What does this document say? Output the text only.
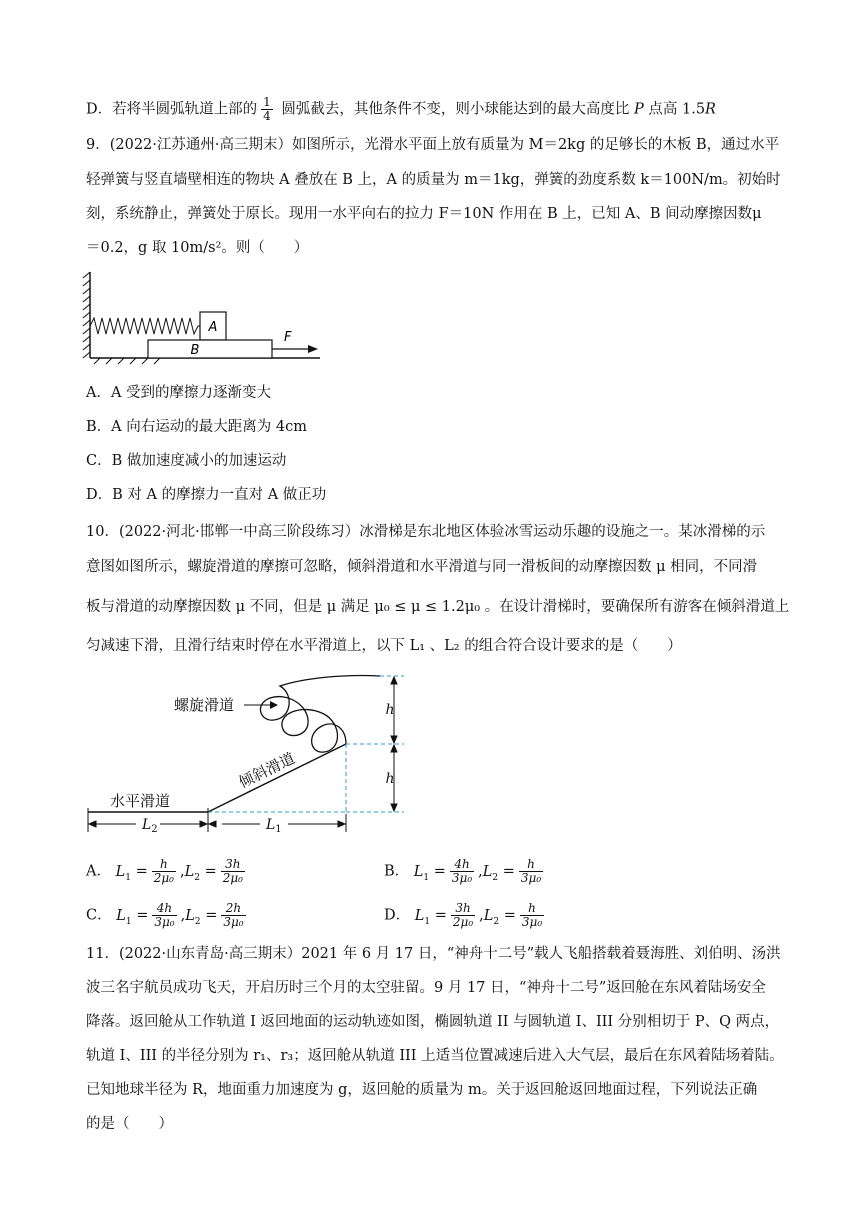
D．若将半圆弧轨道上部的 $\frac{1}{4}$ 圆弧截去，其他条件不变，则小球能达到的最大高度比 P 点高 1.5R
9．(2022·江苏通州·高三期末）如图所示，光滑水平面上放有质量为 M＝2kg 的足够长的木板 B，通过水平
轻弹簧与竖直墙壁相连的物块 A 叠放在 B 上，A 的质量为 m＝1kg，弹簧的劲度系数 k＝100N/m。初始时
刻，系统静止，弹簧处于原长。现用一水平向右的拉力 F＝10N 作用在 B 上，已知 A、B 间动摩擦因数μ
＝0.2，g 取 10m/s²。则（　　）
A
B
F
A．A 受到的摩擦力逐渐变大
B．A 向右运动的最大距离为 4cm
C．B 做加速度减小的加速运动
D．B 对 A 的摩擦力一直对 A 做正功
10．(2022·河北·邯郸一中高三阶段练习）冰滑梯是东北地区体验冰雪运动乐趣的设施之一。某冰滑梯的示
意图如图所示，螺旋滑道的摩擦可忽略，倾斜滑道和水平滑道与同一滑板间的动摩擦因数 μ 相同，不同滑
板与滑道的动摩擦因数 μ 不同，但是 μ 满足 μ₀ ≤ μ ≤ 1.2μ₀ 。在设计滑梯时，要确保所有游客在倾斜滑道上
匀减速下滑，且滑行结束时停在水平滑道上，以下 L₁ 、L₂ 的组合符合设计要求的是（　　）
h
h
螺旋滑道
倾斜滑道
水平滑道
$L_2$	$L_1$
A． $L_1 = \frac{h}{\text{2μ₀}} ,L_2 = \frac{3h}{\text{2μ₀}}$	B． $L_1 = \frac{4h}{\text{3μ₀}} ,L_2 = \frac{h}{\text{3μ₀}}$
C． $L_1 = \frac{4h}{\text{3μ₀}} ,L_2 = \frac{2h}{\text{3μ₀}}$	D． $L_1 = \frac{3h}{\text{2μ₀}} ,L_2 = \frac{h}{\text{3μ₀}}$
11．(2022·山东青岛·高三期末）2021 年 6 月 17 日，“神舟十二号”载人飞船搭载着聂海胜、刘伯明、汤洪
波三名宇航员成功飞天，开启历时三个月的太空驻留。9 月 17 日，“神舟十二号”返回舱在东风着陆场安全
降落。返回舱从工作轨道 I 返回地面的运动轨迹如图，椭圆轨道 II 与圆轨道 I、III 分别相切于 P、Q 两点，
轨道 I、III 的半径分别为 r₁、r₃；返回舱从轨道 III 上适当位置减速后进入大气层，最后在东风着陆场着陆。
已知地球半径为 R，地面重力加速度为 g，返回舱的质量为 m。关于返回舱返回地面过程，下列说法正确
的是（　　）
